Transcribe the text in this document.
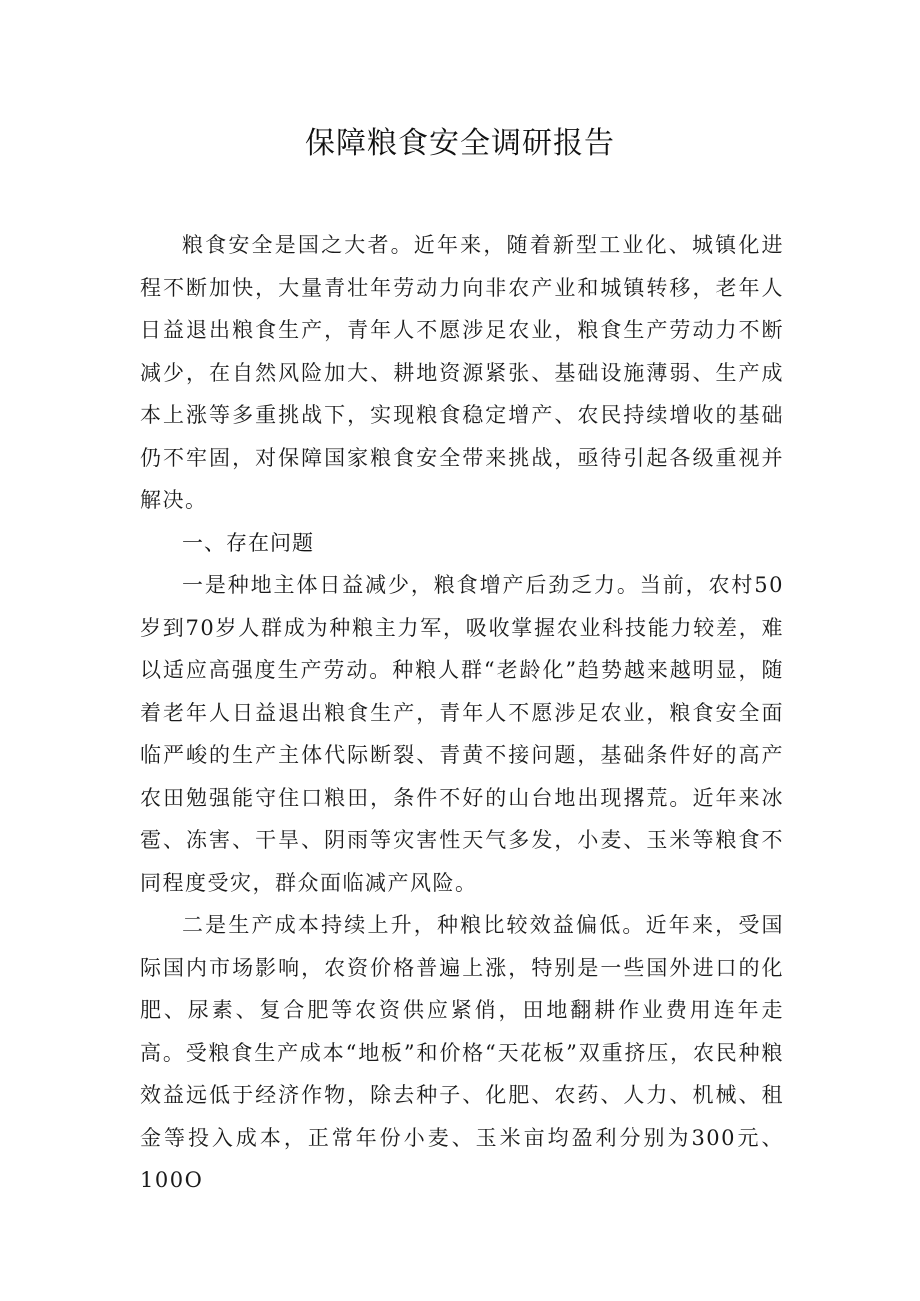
保障粮食安全调研报告

粮食安全是国之大者。近年来，随着新型工业化、城镇化进程不断加快，大量青壮年劳动力向非农产业和城镇转移，老年人日益退出粮食生产，青年人不愿涉足农业，粮食生产劳动力不断减少，在自然风险加大、耕地资源紧张、基础设施薄弱、生产成本上涨等多重挑战下，实现粮食稳定增产、农民持续增收的基础仍不牢固，对保障国家粮食安全带来挑战，亟待引起各级重视并解决。

一、存在问题

一是种地主体日益减少，粮食增产后劲乏力。当前，农村50岁到70岁人群成为种粮主力军，吸收掌握农业科技能力较差，难以适应高强度生产劳动。种粮人群“老龄化”趋势越来越明显，随着老年人日益退出粮食生产，青年人不愿涉足农业，粮食安全面临严峻的生产主体代际断裂、青黄不接问题，基础条件好的高产农田勉强能守住口粮田，条件不好的山台地出现撂荒。近年来冰雹、冻害、干旱、阴雨等灾害性天气多发，小麦、玉米等粮食不同程度受灾，群众面临减产风险。

二是生产成本持续上升，种粮比较效益偏低。近年来，受国际国内市场影响，农资价格普遍上涨，特别是一些国外进口的化肥、尿素、复合肥等农资供应紧俏，田地翻耕作业费用连年走高。受粮食生产成本“地板”和价格“天花板”双重挤压，农民种粮效益远低于经济作物，除去种子、化肥、农药、人力、机械、租金等投入成本，正常年份小麦、玉米亩均盈利分别为300元、100O
